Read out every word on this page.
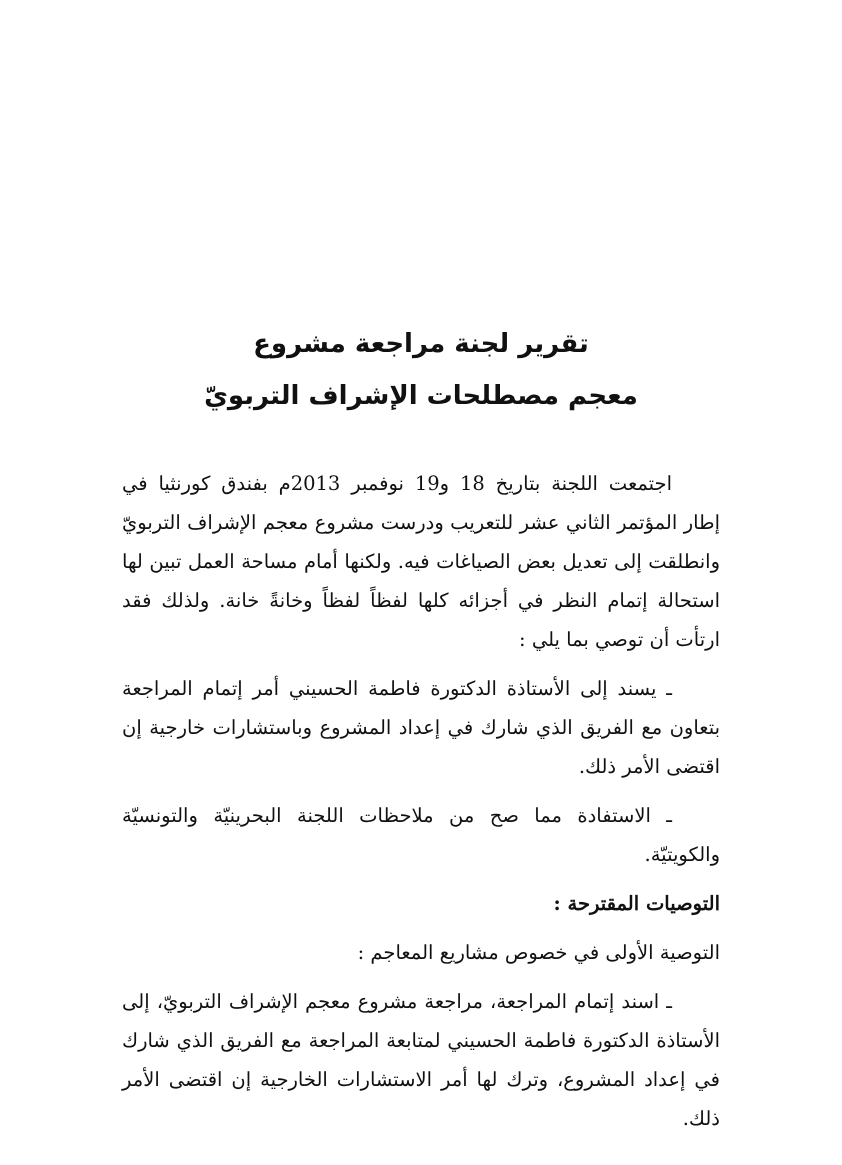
تقرير لجنة مراجعة مشروع

معجم مصطلحات الإشراف التربويّ

اجتمعت اللجنة بتاريخ 18 و19 نوفمبر 2013م بفندق كورنثيا في إطار المؤتمر الثاني عشر للتعريب ودرست مشروع معجم الإشراف التربويّ وانطلقت إلى تعديل بعض الصياغات فيه. ولكنها أمام مساحة العمل تبين لها استحالة إتمام النظر في أجزائه كلها لفظاً لفظاً وخانةً خانة. ولذلك فقد ارتأت أن توصي بما يلي :

ـ يسند إلى الأستاذة الدكتورة فاطمة الحسيني أمر إتمام المراجعة بتعاون مع الفريق الذي شارك في إعداد المشروع وباستشارات خارجية إن اقتضى الأمر ذلك.

ـ الاستفادة مما صح من ملاحظات اللجنة البحرينيّة والتونسيّة والكويتيّة.

التوصيات المقترحة :

التوصية الأولى في خصوص مشاريع المعاجم :

ـ اسند إتمام المراجعة، مراجعة مشروع معجم الإشراف التربويّ، إلى الأستاذة الدكتورة فاطمة الحسيني لمتابعة المراجعة مع الفريق الذي شارك في إعداد المشروع، وترك لها أمر الاستشارات الخارجية إن اقتضى الأمر ذلك.
